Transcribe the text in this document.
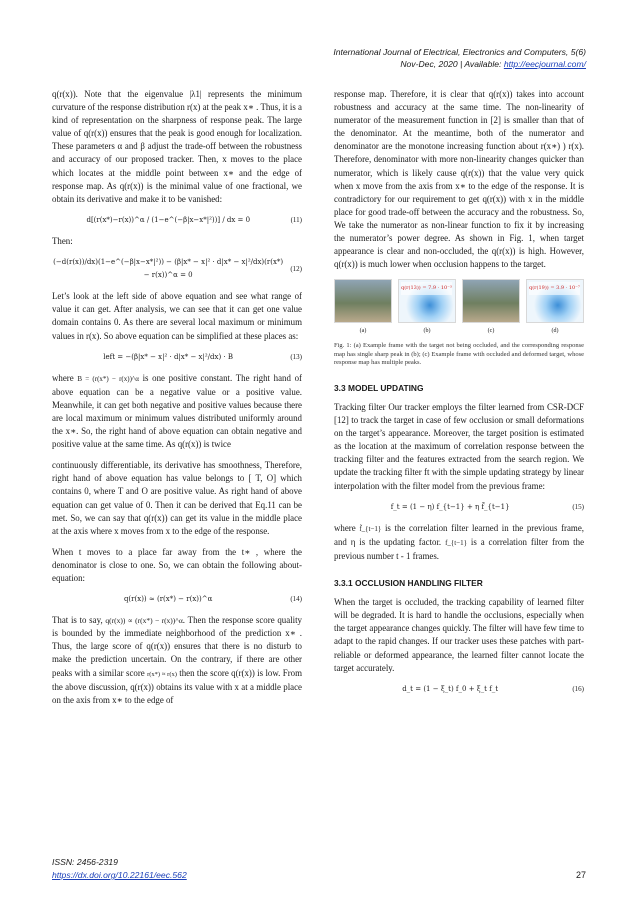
International Journal of Electrical, Electronics and Computers, 5(6)
Nov-Dec, 2020 | Available: http://eecjournal.com/

q(r(x)). Note that the eigenvalue |λ1| represents the minimum curvature of the response distribution r(x) at the peak x∗ . Thus, it is a kind of representation on the sharpness of response peak. The large value of q(r(x)) ensures that the peak is good enough for localization. These parameters α and β adjust the trade-off between the robustness and accuracy of our proposed tracker. Then, x moves to the place which locates at the middle point between x∗ and the edge of response map. As q(r(x)) is the minimal value of one fractional, we obtain its derivative and make it to be vanished:

d[(r(x*)−r(x))^α / (1−e^(−β|x−x*|²))] / dx = 0	(11)

Then:

(−d(r(x))/dx)(1−e^(−β|x−x*|²)) − (β|x* − x|² · d|x* − x|²/dx)(r(x*) − r(x))^α = 0
(12)

Let’s look at the left side of above equation and see what range of value it can get. After analysis, we can see that it can get one value domain contains 0. As there are several local maximum or minimum values in r(x). So above equation can be simplified at these places as:

left = −(β|x* − x|² · d|x* − x|²/dx) · B	(13)

where B = (r(x*) − r(x))^α is one positive constant. The right hand of above equation can be a negative value or a positive value. Meanwhile, it can get both negative and positive values because there are local maximum or minimum values distributed uniformly around the x∗. So, the right hand of above equation can obtain negative and positive value at the same time. As q(r(x)) is twice

continuously differentiable, its derivative has smoothness, Therefore, right hand of above equation has value belongs to [ T, O] which contains 0, where T and O are positive value. As right hand of above equation can get value of 0. Then it can be derived that Eq.11 can be met. So, we can say that q(r(x)) can get its value in the middle place at the axis where x moves from x to the edge of the response.

When t moves to a place far away from the t∗ , where the denominator is close to one. So, we can obtain the following about-equation:

q(r(x)) ≈ (r(x*) − r(x))^α	(14)

That is to say, q(r(x)) ∝ (r(x*) − r(x))^α. Then the response score quality is bounded by the immediate neighborhood of the prediction x∗ . Thus, the large score of q(r(x)) ensures that there is no disturb to make the prediction uncertain. On the contrary, if there are other peaks with a similar score r(x*) ≈ r(x) then the score q(r(x)) is low. From the above discussion, q(r(x)) obtains its value with x at a middle place on the axis from x∗ to the edge of

response map. Therefore, it is clear that q(r(x)) takes into account robustness and accuracy at the same time. The non-linearity of numerator of the measurement function in [2] is smaller than that of the denominator. At the meantime, both of the numerator and denominator are the monotone increasing function about r(x∗) ) r(x). Therefore, denominator with more non-linearity changes quicker than numerator, which is likely cause q(r(x)) that the value very quick when x move from the axis from x∗ to the edge of the response. It is contradictory for our requirement to get q(r(x)) with x in the middle place for good trade-off between the accuracy and the robustness. So, We take the numerator as non-linear function to fix it by increasing the numerator’s power degree. As shown in Fig. 1, when target appearance is clear and non-occluded, the q(r(x)) is high. However, q(r(x)) is much lower when occlusion happens to the target.

(a)
q(r(13)) = 7.9 · 10⁻³
(b)	(c)
q(r(19)) = 3.9 · 10⁻⁷
(d)
Fig. 1: (a) Example frame with the target not being occluded, and the corresponding response map has single sharp peak in (b); (c) Example frame with occluded and deformed target, whose response map has multiple peaks.
3.3 MODEL UPDATING

Tracking filter Our tracker employs the filter learned from CSR-DCF [12] to track the target in case of few occlusion or small deformations on the target’s appearance. Moreover, the target position is estimated as the location at the maximum of correlation response between the tracking filter and the features extracted from the search region. We update the tracking filter ft with the simple updating strategy by linear interpolation with the filter model from the previous frame:

f_t = (1 − η) f_{t−1} + η f̃_{t−1}	(15)

where f̃_{t−1} is the correlation filter learned in the previous frame, and η is the updating factor. f_{t−1} is a correlation filter from the previous number t - 1 frames.

3.3.1 OCCLUSION HANDLING FILTER

When the target is occluded, the tracking capability of learned filter will be degraded. It is hard to handle the occlusions, especially when the target appearance changes quickly. The filter will have few time to adapt to the rapid changes. If our tracker uses these patches with part-reliable or deformed appearance, the learned filter cannot locate the target accurately.

d_t = (1 − ξ_t) f_0 + ξ_t f_t	(16)
ISSN: 2456-2319
https://dx.doi.org/10.22161/eec.562	27
